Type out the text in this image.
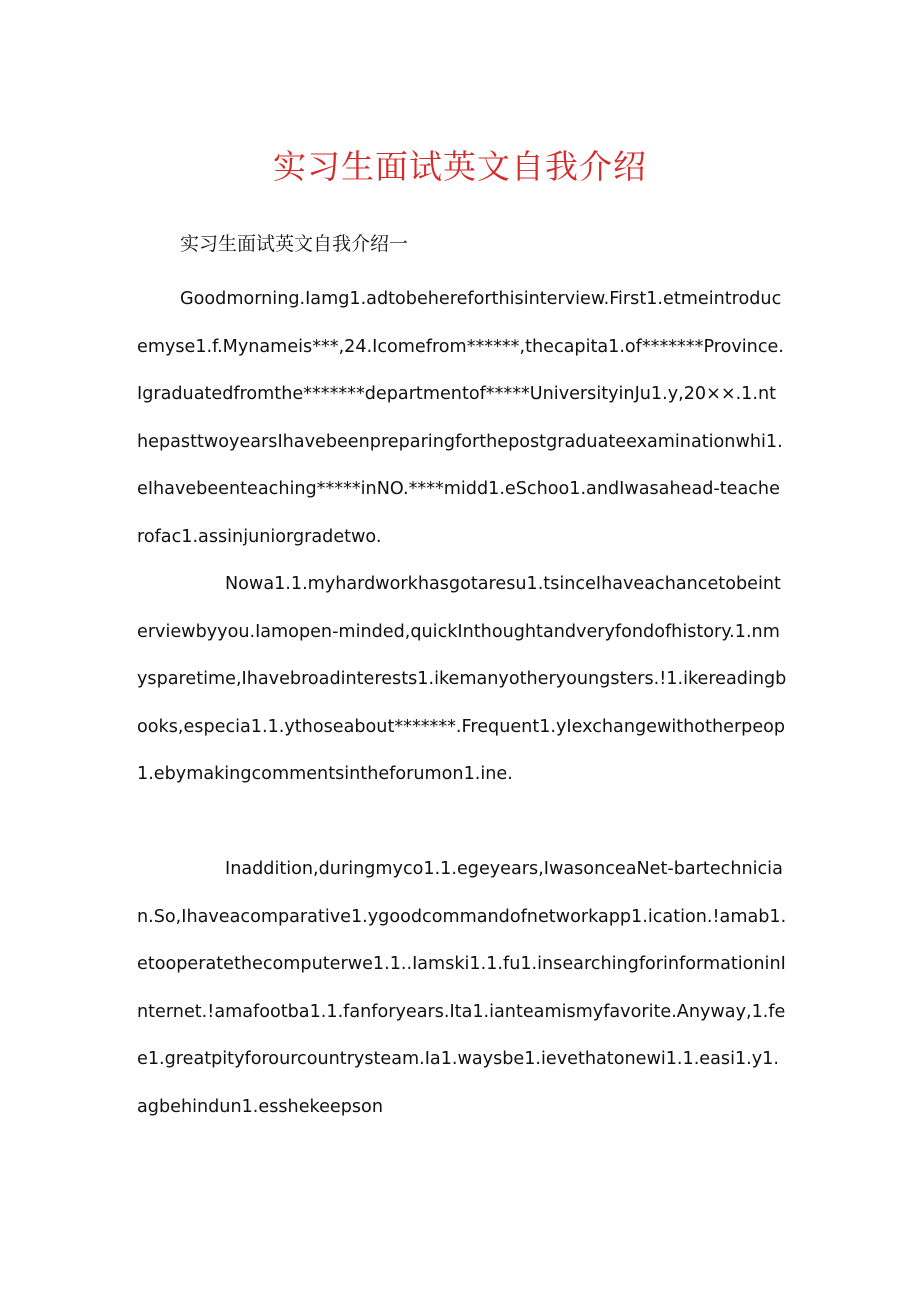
实习生面试英文自我介绍
实习生面试英文自我介绍一

Goodmorning.Iamg1.adtobehereforthisinterview.First1.etmeintroducemyse1.f.Mynameis***,24.Icomefrom******,thecapita1.of*******Province.Igraduatedfromthe*******departmentof*****UniversityinJu1.y,20××.1.nthepasttwoyearsIhavebeenpreparingforthepostgraduateexaminationwhi1.eIhavebeenteaching*****inNO.****midd1.eSchoo1.andIwasahead-teacherofac1.assinjuniorgradetwo.

Nowa1.1.myhardworkhasgotaresu1.tsinceIhaveachancetobeinterviewbyyou.Iamopen-minded,quickInthoughtandveryfondofhistory.1.nmysparetime,Ihavebroadinterests1.ikemanyotheryoungsters.!1.ikereadingbooks,especia1.1.ythoseabout*******.Frequent1.yIexchangewithotherpeop1.ebymakingcommentsintheforumon1.ine.

Inaddition,duringmyco1.1.egeyears,IwasonceaNet-bartechnician.So,Ihaveacomparative1.ygoodcommandofnetworkapp1.ication.!amab1.etooperatethecomputerwe1.1..Iamski1.1.fu1.insearchingforinformationinInternet.!amafootba1.1.fanforyears.Ita1.ianteamismyfavorite.Anyway,1.fee1.greatpityforourcountrysteam.Ia1.waysbe1.ievethatonewi1.1.easi1.y1.agbehindun1.esshekeepson
